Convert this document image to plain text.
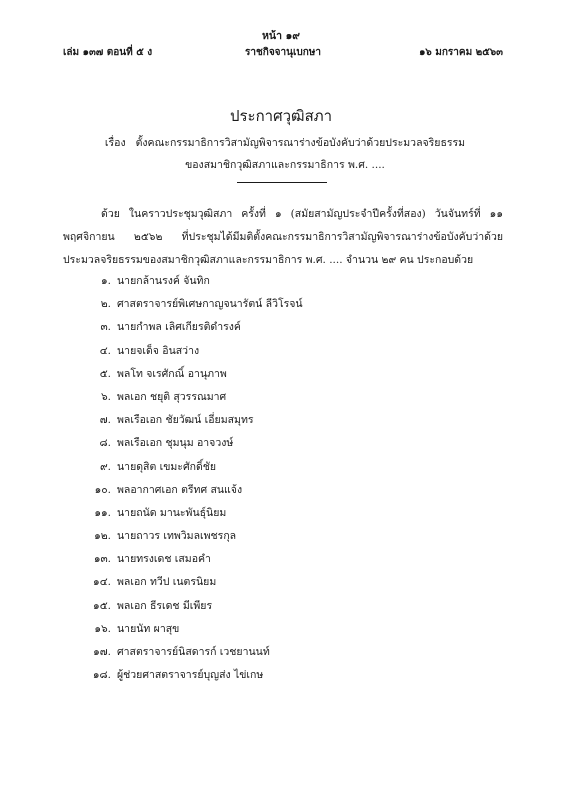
หน้า ๑๙
เล่ม ๑๓๗ ตอนที่ ๕ ง	ราชกิจจานุเบกษา	๑๖ มกราคม ๒๕๖๓
ประกาศวุฒิสภา
เรื่อง ตั้งคณะกรรมาธิการวิสามัญพิจารณาร่างข้อบังคับว่าด้วยประมวลจริยธรรม
ของสมาชิกวุฒิสภาและกรรมาธิการ พ.ศ. ....
ด้วย ในคราวประชุมวุฒิสภา ครั้งที่ ๑ (สมัยสามัญประจำปีครั้งที่สอง) วันจันทร์ที่ ๑๑ พฤศจิกายน ๒๕๖๒ ที่ประชุมได้มีมติตั้งคณะกรรมาธิการวิสามัญพิจารณาร่างข้อบังคับว่าด้วยประมวลจริยธรรมของสมาชิกวุฒิสภาและกรรมาธิการ พ.ศ. .... จำนวน ๒๙ คน ประกอบด้วย
๑. นายกล้านรงค์ จันทิก
๒. ศาสตราจารย์พิเศษกาญจนารัตน์ ลีวิโรจน์
๓. นายกำพล เลิศเกียรติดำรงค์
๔. นายจเด็จ อินสว่าง
๕. พลโท จเรศักณิ์ อานุภาพ
๖. พลเอก ชยุติ สุวรรณมาศ
๗. พลเรือเอก ชัยวัฒน์ เอี่ยมสมุทร
๘. พลเรือเอก ชุมนุม อาจวงษ์
๙. นายดุสิต เขมะศักดิ์ชัย
๑๐. พลอากาศเอก ตรีทศ สนแจ้ง
๑๑. นายถนัด มานะพันธุ์นิยม
๑๒. นายถาวร เทพวิมลเพชรกุล
๑๓. นายทรงเดช เสมอคำ
๑๔. พลเอก ทวีป เนตรนิยม
๑๕. พลเอก ธีรเดช มีเพียร
๑๖. นายนัท ผาสุข
๑๗. ศาสตราจารย์นิสดารก์ เวชยานนท์
๑๘. ผู้ช่วยศาสตราจารย์บุญส่ง ไข่เกษ
